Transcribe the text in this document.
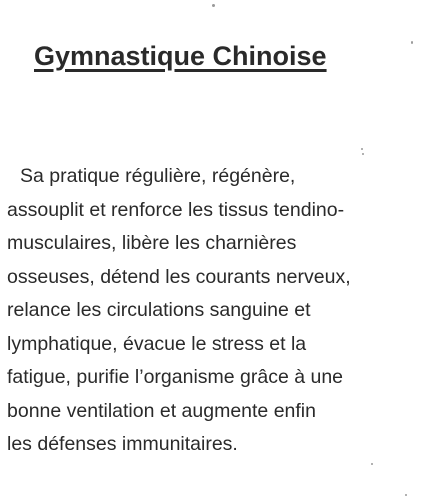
Gymnastique Chinoise
Sa pratique régulière, régénère,
assouplit et renforce les tissus tendino-
musculaires, libère les charnières
osseuses, détend les courants nerveux,
relance les circulations sanguine et
lymphatique, évacue le stress et la
fatigue, purifie l’organisme grâce à une
bonne ventilation et augmente enfin
les défenses immunitaires.
